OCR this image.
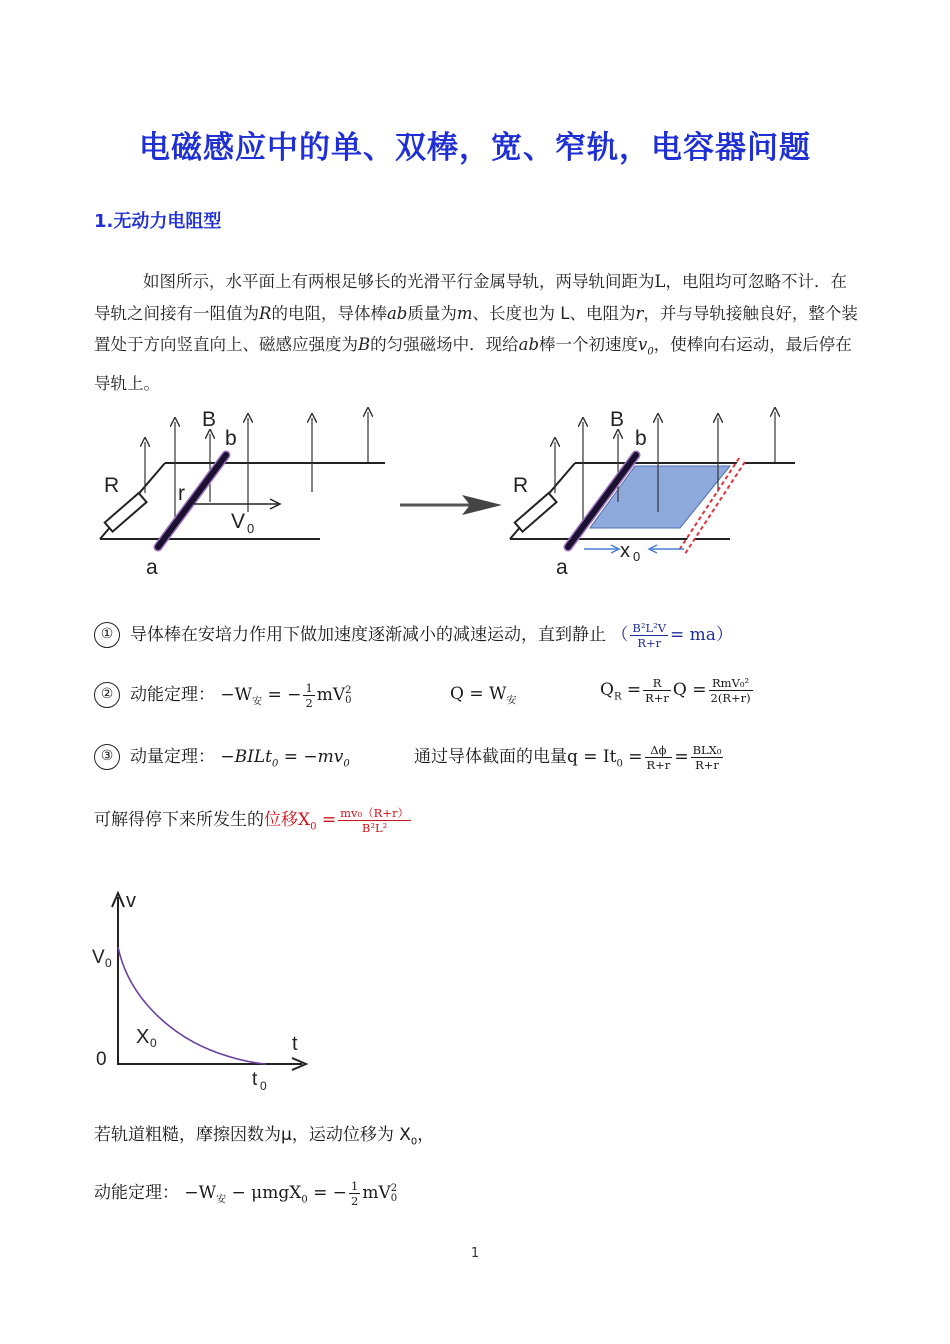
电磁感应中的单、双棒，宽、窄轨，电容器问题
1.无动力电阻型

如图所示，水平面上有两根足够长的光滑平行金属导轨，两导轨间距为L，电阻均可忽略不计．在导轨之间接有一阻值为R的电阻，导体棒ab质量为m、长度也为 L、电阻为r，并与导轨接触良好，整个装置处于方向竖直向上、磁感应强度为B的匀强磁场中．现给ab棒一个初速度$v_0$，使棒向右运动，最后停在导轨上。

B
b
R	r
a
V 0
B
b
R
a
x 0
① 导体棒在安培力作用下做加速度逐渐减小的减速运动，直到静止 （ $\frac{\text{B²L²V}}{R+r} = ma$）
② 动能定理： $-W_安$ = − $\frac{1}{2}$ mV 2
0	$Q = W_安$
$Q_R = \frac{R}{R+r}$ $Q = \frac{\text{RmV₀²}}{2(R+r)}$
③ 动量定理： −BILt$_0$ = $-mv_0$	通过导体截面的电量$q = It_0 = \frac{\Delta\phi}{R+r} = \frac{\text{BLX₀}}{R+r}$
可解得停下来所发生的位移$X_0 = \frac{\text{mv₀（R+r）}}{\text{B²L²}}$
v
V 0
0
X 0	t
t 0
若轨道粗糙，摩擦因数为μ，运动位移为 $X_0$，
动能定理： $-W_安 - \mu mgX_0$ = − $\frac{1}{2}$ mV 2
0
1
